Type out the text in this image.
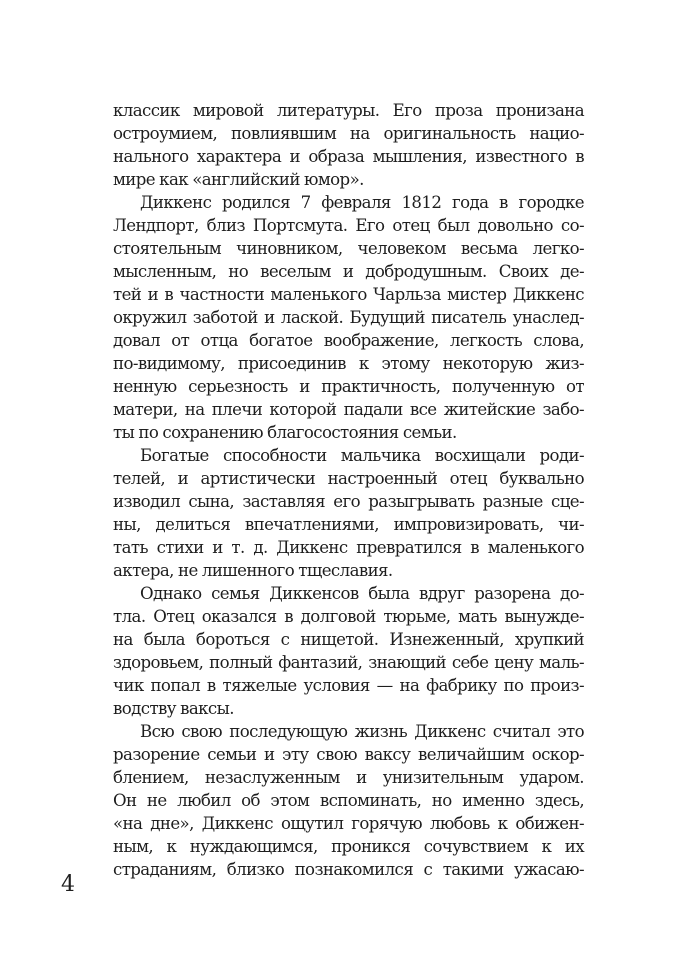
классик мировой литературы. Его проза пронизана
остроумием, повлиявшим на оригинальность нацио-
нального характера и образа мышления, известного в
мире как «английский юмор».
Диккенс родился 7 февраля 1812 года в городке
Лендпорт, близ Портсмута. Его отец был довольно со-
стоятельным чиновником, человеком весьма легко-
мысленным, но веселым и добродушным. Своих де-
тей и в частности маленького Чарльза мистер Диккенс
окружил заботой и лаской. Будущий писатель унаслед-
довал от отца богатое воображение, легкость слова,
по-видимому, присоединив к этому некоторую жиз-
ненную серьезность и практичность, полученную от
матери, на плечи которой падали все житейские забо-
ты по сохранению благосостояния семьи.
Богатые способности мальчика восхищали роди-
телей, и артистически настроенный отец буквально
изводил сына, заставляя его разыгрывать разные сце-
ны, делиться впечатлениями, импровизировать, чи-
тать стихи и т. д. Диккенс превратился в маленького
актера, не лишенного тщеславия.
Однако семья Диккенсов была вдруг разорена до-
тла. Отец оказался в долговой тюрьме, мать вынужде-
на была бороться с нищетой. Изнеженный, хрупкий
здоровьем, полный фантазий, знающий себе цену маль-
чик попал в тяжелые условия — на фабрику по произ-
водству ваксы.
Всю свою последующую жизнь Диккенс считал это
разорение семьи и эту свою ваксу величайшим оскор-
блением, незаслуженным и унизительным ударом.
Он не любил об этом вспоминать, но именно здесь,
«на дне», Диккенс ощутил горячую любовь к обижен-
ным, к нуждающимся, проникся сочувствием к их
страданиям, близко познакомился с такими ужасаю-
4
